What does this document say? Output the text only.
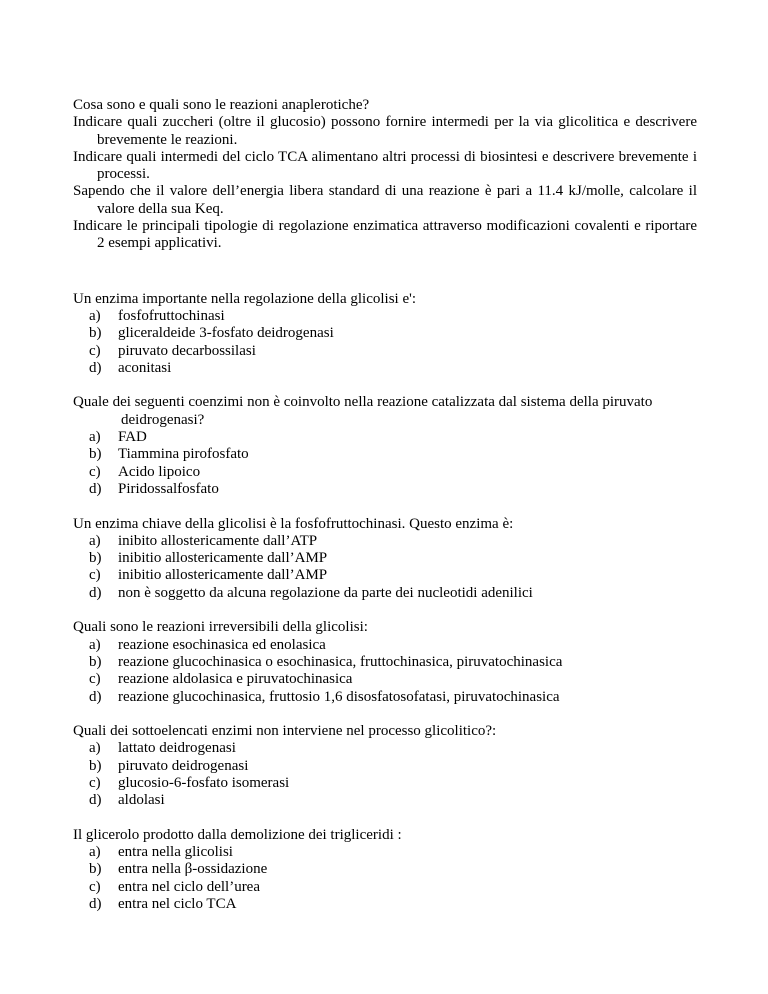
Cosa sono e quali sono le reazioni anaplerotiche?

Indicare quali zuccheri (oltre il glucosio) possono fornire intermedi per la via glicolitica e descrivere brevemente le reazioni.

Indicare quali intermedi del ciclo TCA alimentano altri processi di biosintesi e descrivere brevemente i processi.

Sapendo che il valore dell’energia libera standard di una reazione è pari a 11.4 kJ/molle, calcolare il valore della sua Keq.

Indicare le principali tipologie di regolazione enzimatica attraverso modificazioni covalenti e riportare 2 esempi applicativi.

Un enzima importante nella regolazione della glicolisi e':

a) fosfofruttochinasi
b) gliceraldeide 3-fosfato deidrogenasi
c) piruvato decarbossilasi
d) aconitasi

Quale dei seguenti coenzimi non è coinvolto nella reazione catalizzata dal sistema della piruvato deidrogenasi?

a) FAD
b) Tiammina pirofosfato
c) Acido lipoico
d) Piridossalfosfato

Un enzima chiave della glicolisi è la fosfofruttochinasi. Questo enzima è:

a) inibito allostericamente dall’ATP
b) inibitio allostericamente dall’AMP
c) inibitio allostericamente dall’AMP
d) non è soggetto da alcuna regolazione da parte dei nucleotidi adenilici

Quali sono le reazioni irreversibili della glicolisi:

a) reazione esochinasica ed enolasica
b) reazione glucochinasica o esochinasica, fruttochinasica, piruvatochinasica
c) reazione aldolasica e piruvatochinasica
d) reazione glucochinasica, fruttosio 1,6 disosfatosofatasi, piruvatochinasica

Quali dei sottoelencati enzimi non interviene nel processo glicolitico?:

a) lattato deidrogenasi
b) piruvato deidrogenasi
c) glucosio-6-fosfato isomerasi
d) aldolasi

Il glicerolo prodotto dalla demolizione dei trigliceridi :

a) entra nella glicolisi
b) entra nella β-ossidazione
c) entra nel ciclo dell’urea
d) entra nel ciclo TCA
